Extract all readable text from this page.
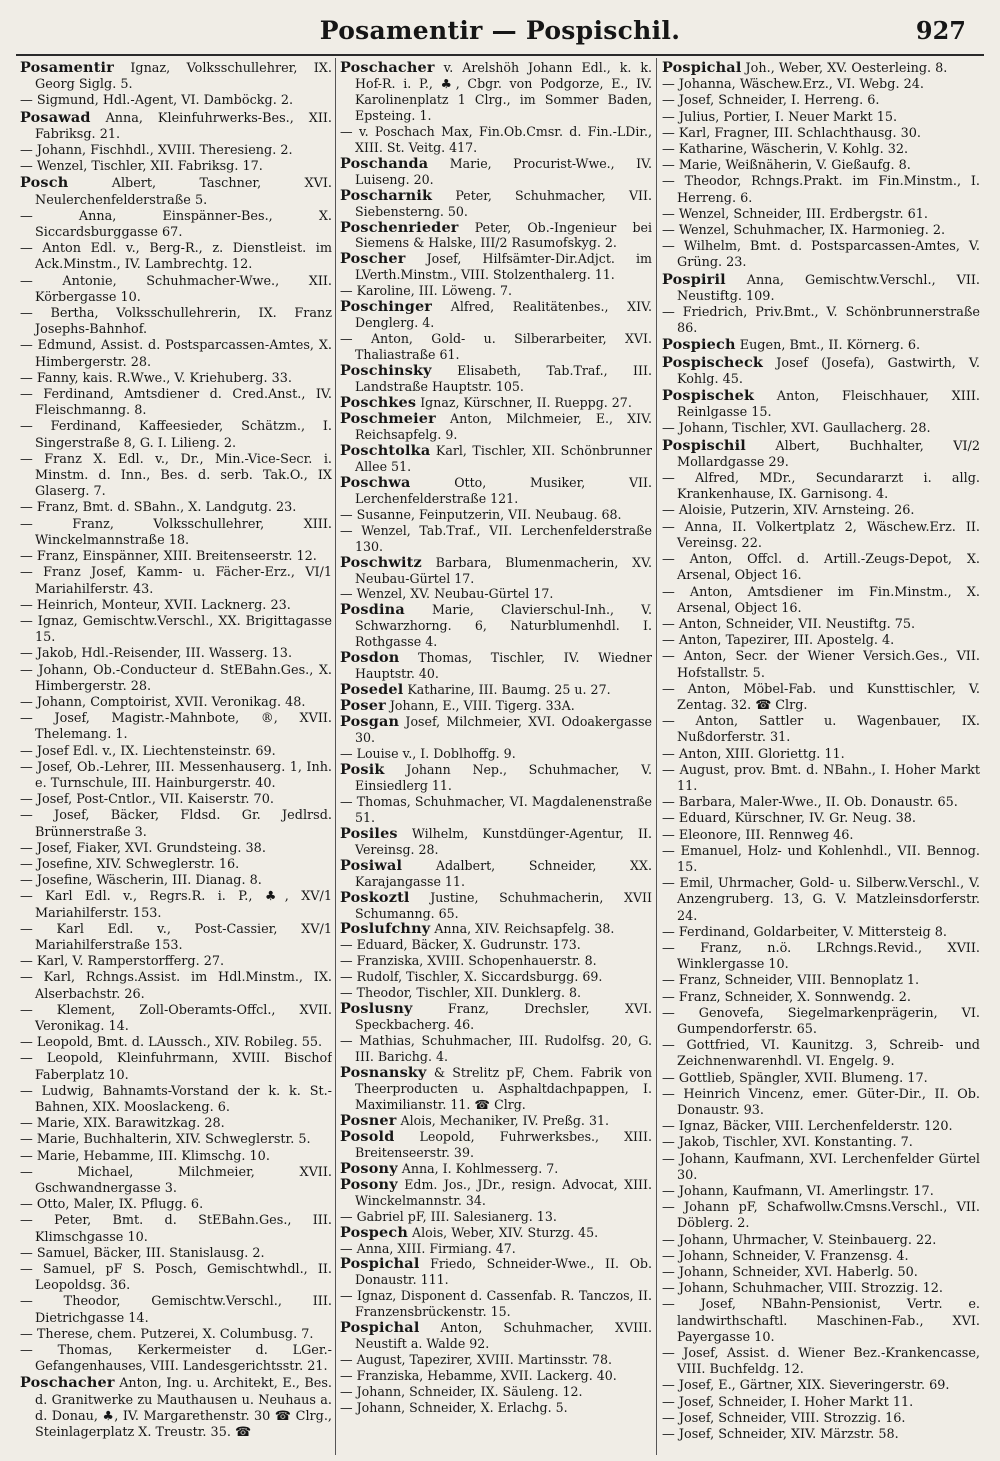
Posamentir — Pospischil.	927

Posamentir Ignaz, Volksschullehrer, IX. Georg Siglg. 5.

— Sigmund, Hdl.-Agent, VI. Damböckg. 2.

Posawad Anna, Kleinfuhrwerks-Bes., XII. Fabriksg. 21.

— Johann, Fischhdl., XVIII. Theresieng. 2.

— Wenzel, Tischler, XII. Fabriksg. 17.

Posch Albert, Taschner, XVI. Neulerchenfelderstraße 5.

— Anna, Einspänner-Bes., X. Siccardsburggasse 67.

— Anton Edl. v., Berg-R., z. Dienstleist. im Ack.Minstm., IV. Lambrechtg. 12.

— Antonie, Schuhmacher-Wwe., XII. Körbergasse 10.

— Bertha, Volksschullehrerin, IX. Franz Josephs-Bahnhof.

— Edmund, Assist. d. Postsparcassen-Amtes, X. Himbergerstr. 28.

— Fanny, kais. R.Wwe., V. Kriehuberg. 33.

— Ferdinand, Amtsdiener d. Cred.Anst., IV. Fleischmanng. 8.

— Ferdinand, Kaffeesieder, Schätzm., I. Singerstraße 8, G. I. Lilieng. 2.

— Franz X. Edl. v., Dr., Min.-Vice-Secr. i. Minstm. d. Inn., Bes. d. serb. Tak.O., IX Glaserg. 7.

— Franz, Bmt. d. SBahn., X. Landgutg. 23.

— Franz, Volksschullehrer, XIII. Winckelmannstraße 18.

— Franz, Einspänner, XIII. Breitenseerstr. 12.

— Franz Josef, Kamm- u. Fächer-Erz., VI/1 Mariahilferstr. 43.

— Heinrich, Monteur, XVII. Lacknerg. 23.

— Ignaz, Gemischtw.Verschl., XX. Brigittagasse 15.

— Jakob, Hdl.-Reisender, III. Wasserg. 13.

— Johann, Ob.-Conducteur d. StEBahn.Ges., X. Himbergerstr. 28.

— Johann, Comptoirist, XVII. Veronikag. 48.

— Josef, Magistr.-Mahnbote, ®, XVII. Thelemang. 1.

— Josef Edl. v., IX. Liechtensteinstr. 69.

— Josef, Ob.-Lehrer, III. Messenhauserg. 1, Inh. e. Turnschule, III. Hainburgerstr. 40.

— Josef, Post-Cntlor., VII. Kaiserstr. 70.

— Josef, Bäcker, Fldsd. Gr. Jedlrsd. Brünnerstraße 3.

— Josef, Fiaker, XVI. Grundsteing. 38.

— Josefine, XIV. Schweglerstr. 16.

— Josefine, Wäscherin, III. Dianag. 8.

— Karl Edl. v., Regrs.R. i. P., ♣, XV/1 Mariahilferstr. 153.

— Karl Edl. v., Post-Cassier, XV/1 Mariahilferstraße 153.

— Karl, V. Ramperstorfferg. 27.

— Karl, Rchngs.Assist. im Hdl.Minstm., IX. Alserbachstr. 26.

— Klement, Zoll-Oberamts-Offcl., XVII. Veronikag. 14.

— Leopold, Bmt. d. LAussch., XIV. Robileg. 55.

— Leopold, Kleinfuhrmann, XVIII. Bischof Faberplatz 10.

— Ludwig, Bahnamts-Vorstand der k. k. St.-Bahnen, XIX. Mooslackeng. 6.

— Marie, XIX. Barawitzkag. 28.

— Marie, Buchhalterin, XIV. Schweglerstr. 5.

— Marie, Hebamme, III. Klimschg. 10.

— Michael, Milchmeier, XVII. Gschwandnergasse 3.

— Otto, Maler, IX. Pflugg. 6.

— Peter, Bmt. d. StEBahn.Ges., III. Klimschgasse 10.

— Samuel, Bäcker, III. Stanislausg. 2.

— Samuel, pF S. Posch, Gemischtwhdl., II. Leopoldsg. 36.

— Theodor, Gemischtw.Verschl., III. Dietrichgasse 14.

— Therese, chem. Putzerei, X. Columbusg. 7.

— Thomas, Kerkermeister d. LGer.-Gefangenhauses, VIII. Landesgerichtsstr. 21.

Poschacher Anton, Ing. u. Architekt, E., Bes. d. Granitwerke zu Mauthausen u. Neuhaus a. d. Donau, ♣, IV. Margarethenstr. 30 ☎ Clrg., Steinlagerplatz X. Treustr. 35. ☎

Poschacher v. Arelshöh Johann Edl., k. k. Hof-R. i. P., ♣, Cbgr. von Podgorze, E., IV. Karolinenplatz 1 Clrg., im Sommer Baden, Epsteing. 1.

— v. Poschach Max, Fin.Ob.Cmsr. d. Fin.-LDir., XIII. St. Veitg. 417.

Poschanda Marie, Procurist-Wwe., IV. Luiseng. 20.

Poscharnik Peter, Schuhmacher, VII. Siebensterng. 50.

Poschenrieder Peter, Ob.-Ingenieur bei Siemens & Halske, III/2 Rasumofskyg. 2.

Poscher Josef, Hilfsämter-Dir.Adjct. im LVerth.Minstm., VIII. Stolzenthalerg. 11.

— Karoline, III. Löweng. 7.

Poschinger Alfred, Realitätenbes., XIV. Denglerg. 4.

— Anton, Gold- u. Silberarbeiter, XVI. Thaliastraße 61.

Poschinsky Elisabeth, Tab.Traf., III. Landstraße Hauptstr. 105.

Poschkes Ignaz, Kürschner, II. Rueppg. 27.

Poschmeier Anton, Milchmeier, E., XIV. Reichsapfelg. 9.

Poschtolka Karl, Tischler, XII. Schönbrunner Allee 51.

Poschwa Otto, Musiker, VII. Lerchenfelderstraße 121.

— Susanne, Feinputzerin, VII. Neubaug. 68.

— Wenzel, Tab.Traf., VII. Lerchenfelderstraße 130.

Poschwitz Barbara, Blumenmacherin, XV. Neubau-Gürtel 17.

— Wenzel, XV. Neubau-Gürtel 17.

Posdina Marie, Clavierschul-Inh., V. Schwarzhorng. 6, Naturblumenhdl. I. Rothgasse 4.

Posdon Thomas, Tischler, IV. Wiedner Hauptstr. 40.

Posedel Katharine, III. Baumg. 25 u. 27.

Poser Johann, E., VIII. Tigerg. 33A.

Posgan Josef, Milchmeier, XVI. Odoakergasse 30.

— Louise v., I. Doblhoffg. 9.

Posik Johann Nep., Schuhmacher, V. Einsiedlerg 11.

— Thomas, Schuhmacher, VI. Magdalenenstraße 51.

Posiles Wilhelm, Kunstdünger-Agentur, II. Vereinsg. 28.

Posiwal Adalbert, Schneider, XX. Karajangasse 11.

Poskoztl Justine, Schuhmacherin, XVII Schumanng. 65.

Poslufchny Anna, XIV. Reichsapfelg. 38.

— Eduard, Bäcker, X. Gudrunstr. 173.

— Franziska, XVIII. Schopenhauerstr. 8.

— Rudolf, Tischler, X. Siccardsburgg. 69.

— Theodor, Tischler, XII. Dunklerg. 8.

Poslusny Franz, Drechsler, XVI. Speckbacherg. 46.

— Mathias, Schuhmacher, III. Rudolfsg. 20, G. III. Barichg. 4.

Posnansky & Strelitz pF, Chem. Fabrik von Theerproducten u. Asphaltdachpappen, I. Maximilianstr. 11. ☎ Clrg.

Posner Alois, Mechaniker, IV. Preßg. 31.

Posold Leopold, Fuhrwerksbes., XIII. Breitenseerstr. 39.

Posony Anna, I. Kohlmesserg. 7.

Posony Edm. Jos., JDr., resign. Advocat, XIII. Winckelmannstr. 34.

— Gabriel pF, III. Salesianerg. 13.

Pospech Alois, Weber, XIV. Sturzg. 45.

— Anna, XIII. Firmiang. 47.

Pospichal Friedo, Schneider-Wwe., II. Ob. Donaustr. 111.

— Ignaz, Disponent d. Cassenfab. R. Tanczos, II. Franzensbrückenstr. 15.

Pospichal Anton, Schuhmacher, XVIII. Neustift a. Walde 92.

— August, Tapezirer, XVIII. Martinsstr. 78.

— Franziska, Hebamme, XVII. Lackerg. 40.

— Johann, Schneider, IX. Säuleng. 12.

— Johann, Schneider, X. Erlachg. 5.

Pospichal Joh., Weber, XV. Oesterleing. 8.

— Johanna, Wäschew.Erz., VI. Webg. 24.

— Josef, Schneider, I. Herreng. 6.

— Julius, Portier, I. Neuer Markt 15.

— Karl, Fragner, III. Schlachthausg. 30.

— Katharine, Wäscherin, V. Kohlg. 32.

— Marie, Weißnäherin, V. Gießaufg. 8.

— Theodor, Rchngs.Prakt. im Fin.Minstm., I. Herreng. 6.

— Wenzel, Schneider, III. Erdbergstr. 61.

— Wenzel, Schuhmacher, IX. Harmonieg. 2.

— Wilhelm, Bmt. d. Postsparcassen-Amtes, V. Grüng. 23.

Pospiril Anna, Gemischtw.Verschl., VII. Neustiftg. 109.

— Friedrich, Priv.Bmt., V. Schönbrunnerstraße 86.

Pospiech Eugen, Bmt., II. Körnerg. 6.

Pospischeck Josef (Josefa), Gastwirth, V. Kohlg. 45.

Pospischek Anton, Fleischhauer, XIII. Reinlgasse 15.

— Johann, Tischler, XVI. Gaullacherg. 28.

Pospischil Albert, Buchhalter, VI/2 Mollardgasse 29.

— Alfred, MDr., Secundararzt i. allg. Krankenhause, IX. Garnisong. 4.

— Aloisie, Putzerin, XIV. Arnsteing. 26.

— Anna, II. Volkertplatz 2, Wäschew.Erz. II. Vereinsg. 22.

— Anton, Offcl. d. Artill.-Zeugs-Depot, X. Arsenal, Object 16.

— Anton, Amtsdiener im Fin.Minstm., X. Arsenal, Object 16.

— Anton, Schneider, VII. Neustiftg. 75.

— Anton, Tapezirer, III. Apostelg. 4.

— Anton, Secr. der Wiener Versich.Ges., VII. Hofstallstr. 5.

— Anton, Möbel-Fab. und Kunsttischler, V. Zentag. 32. ☎ Clrg.

— Anton, Sattler u. Wagenbauer, IX. Nußdorferstr. 31.

— Anton, XIII. Gloriettg. 11.

— August, prov. Bmt. d. NBahn., I. Hoher Markt 11.

— Barbara, Maler-Wwe., II. Ob. Donaustr. 65.

— Eduard, Kürschner, IV. Gr. Neug. 38.

— Eleonore, III. Rennweg 46.

— Emanuel, Holz- und Kohlenhdl., VII. Bennog. 15.

— Emil, Uhrmacher, Gold- u. Silberw.Verschl., V. Anzengruberg. 13, G. V. Matzleinsdorferstr. 24.

— Ferdinand, Goldarbeiter, V. Mittersteig 8.

— Franz, n.ö. LRchngs.Revid., XVII. Winklergasse 10.

— Franz, Schneider, VIII. Bennoplatz 1.

— Franz, Schneider, X. Sonnwendg. 2.

— Genovefa, Siegelmarkenprägerin, VI. Gumpendorferstr. 65.

— Gottfried, VI. Kaunitzg. 3, Schreib- und Zeichnenwarenhdl. VI. Engelg. 9.

— Gottlieb, Spängler, XVII. Blumeng. 17.

— Heinrich Vincenz, emer. Güter-Dir., II. Ob. Donaustr. 93.

— Ignaz, Bäcker, VIII. Lerchenfelderstr. 120.

— Jakob, Tischler, XVI. Konstanting. 7.

— Johann, Kaufmann, XVI. Lerchenfelder Gürtel 30.

— Johann, Kaufmann, VI. Amerlingstr. 17.

— Johann pF, Schafwollw.Cmsns.Verschl., VII. Döblerg. 2.

— Johann, Uhrmacher, V. Steinbauerg. 22.

— Johann, Schneider, V. Franzensg. 4.

— Johann, Schneider, XVI. Haberlg. 50.

— Johann, Schuhmacher, VIII. Strozzig. 12.

— Josef, NBahn-Pensionist, Vertr. e. landwirthschaftl. Maschinen-Fab., XVI. Payergasse 10.

— Josef, Assist. d. Wiener Bez.-Krankencasse, VIII. Buchfeldg. 12.

— Josef, E., Gärtner, XIX. Sieveringerstr. 69.

— Josef, Schneider, I. Hoher Markt 11.

— Josef, Schneider, VIII. Strozzig. 16.

— Josef, Schneider, XIV. Märzstr. 58.
